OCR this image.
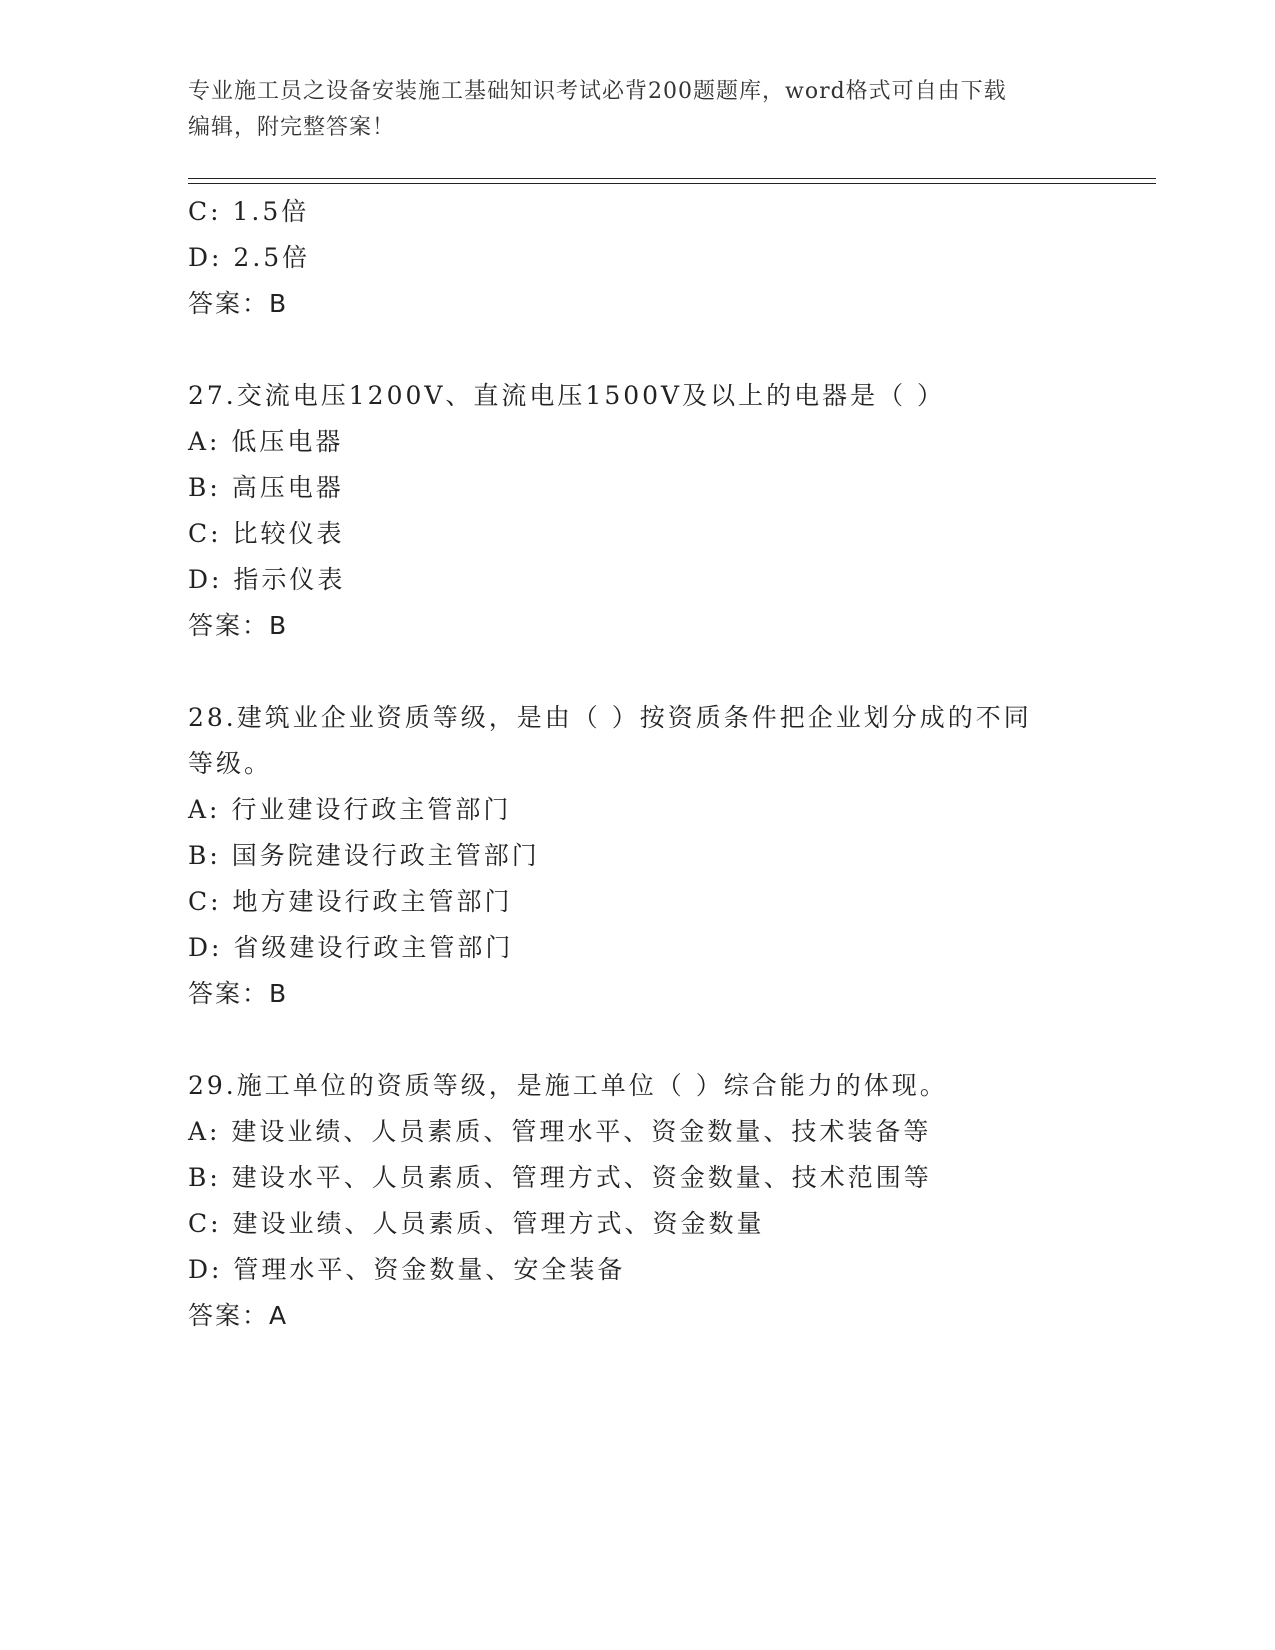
专业施工员之设备安装施工基础知识考试必背200题题库，word格式可自由下载
编辑，附完整答案！
C: 1.5倍
D: 2.5倍
答案：B
27.交流电压1200V、直流电压1500V及以上的电器是（ ）
A: 低压电器
B: 高压电器
C: 比较仪表
D: 指示仪表
答案：B
28.建筑业企业资质等级，是由（ ）按资质条件把企业划分成的不同
等级。
A: 行业建设行政主管部门
B: 国务院建设行政主管部门
C: 地方建设行政主管部门
D: 省级建设行政主管部门
答案：B
29.施工单位的资质等级，是施工单位（ ）综合能力的体现。
A: 建设业绩、人员素质、管理水平、资金数量、技术装备等
B: 建设水平、人员素质、管理方式、资金数量、技术范围等
C: 建设业绩、人员素质、管理方式、资金数量
D: 管理水平、资金数量、安全装备
答案：A
